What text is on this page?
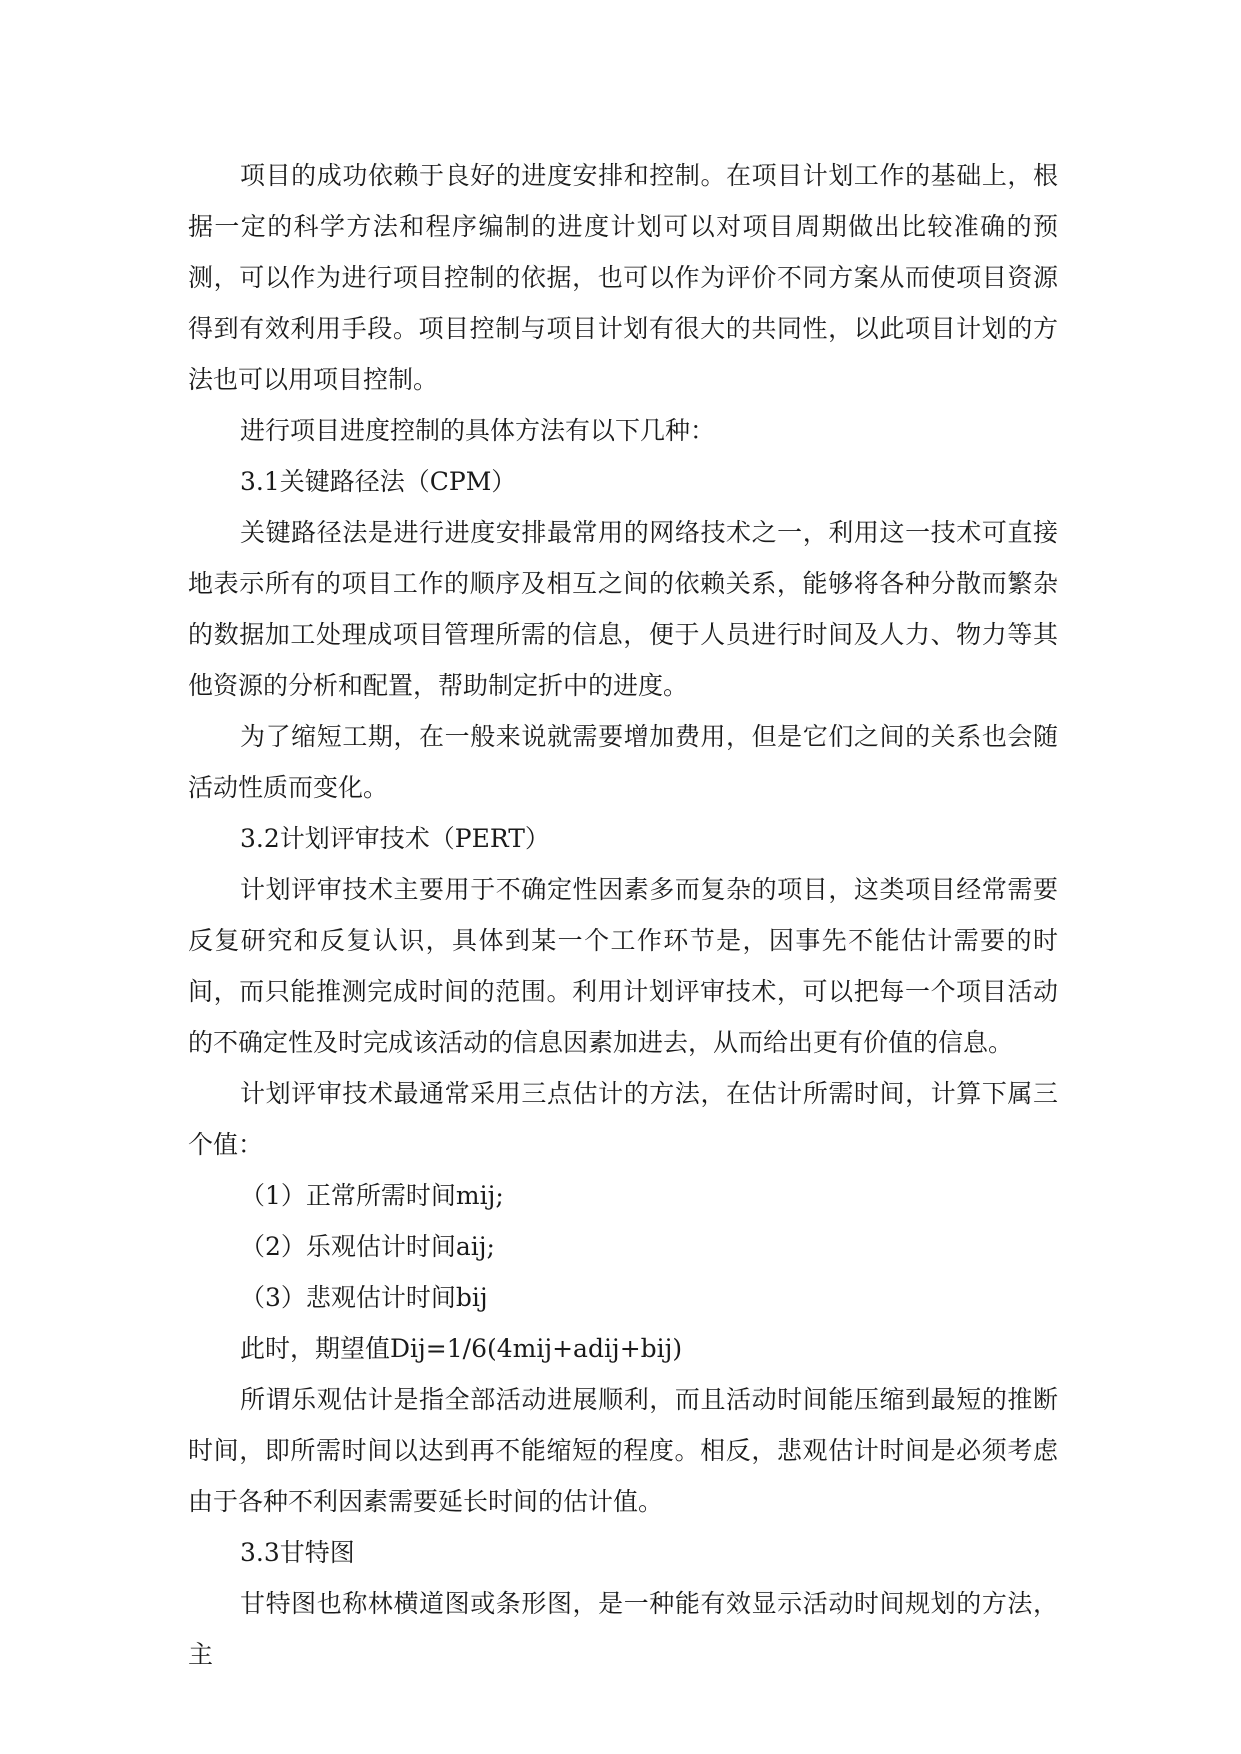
项目的成功依赖于良好的进度安排和控制。在项目计划工作的基础上，根据一定的科学方法和程序编制的进度计划可以对项目周期做出比较准确的预测，可以作为进行项目控制的依据，也可以作为评价不同方案从而使项目资源得到有效利用手段。项目控制与项目计划有很大的共同性，以此项目计划的方法也可以用项目控制。

进行项目进度控制的具体方法有以下几种：

3.1关键路径法（CPM）

关键路径法是进行进度安排最常用的网络技术之一，利用这一技术可直接地表示所有的项目工作的顺序及相互之间的依赖关系，能够将各种分散而繁杂的数据加工处理成项目管理所需的信息，便于人员进行时间及人力、物力等其他资源的分析和配置，帮助制定折中的进度。

为了缩短工期，在一般来说就需要增加费用，但是它们之间的关系也会随活动性质而变化。

3.2计划评审技术（PERT）

计划评审技术主要用于不确定性因素多而复杂的项目，这类项目经常需要反复研究和反复认识，具体到某一个工作环节是，因事先不能估计需要的时间，而只能推测完成时间的范围。利用计划评审技术，可以把每一个项目活动的不确定性及时完成该活动的信息因素加进去，从而给出更有价值的信息。

计划评审技术最通常采用三点估计的方法，在估计所需时间，计算下属三个值：

（1）正常所需时间mij;

（2）乐观估计时间aij;

（3）悲观估计时间bij

此时，期望值Dij=1/6(4mij+adij+bij)

所谓乐观估计是指全部活动进展顺利，而且活动时间能压缩到最短的推断时间，即所需时间以达到再不能缩短的程度。相反，悲观估计时间是必须考虑由于各种不利因素需要延长时间的估计值。

3.3甘特图

甘特图也称林横道图或条形图，是一种能有效显示活动时间规划的方法，主
